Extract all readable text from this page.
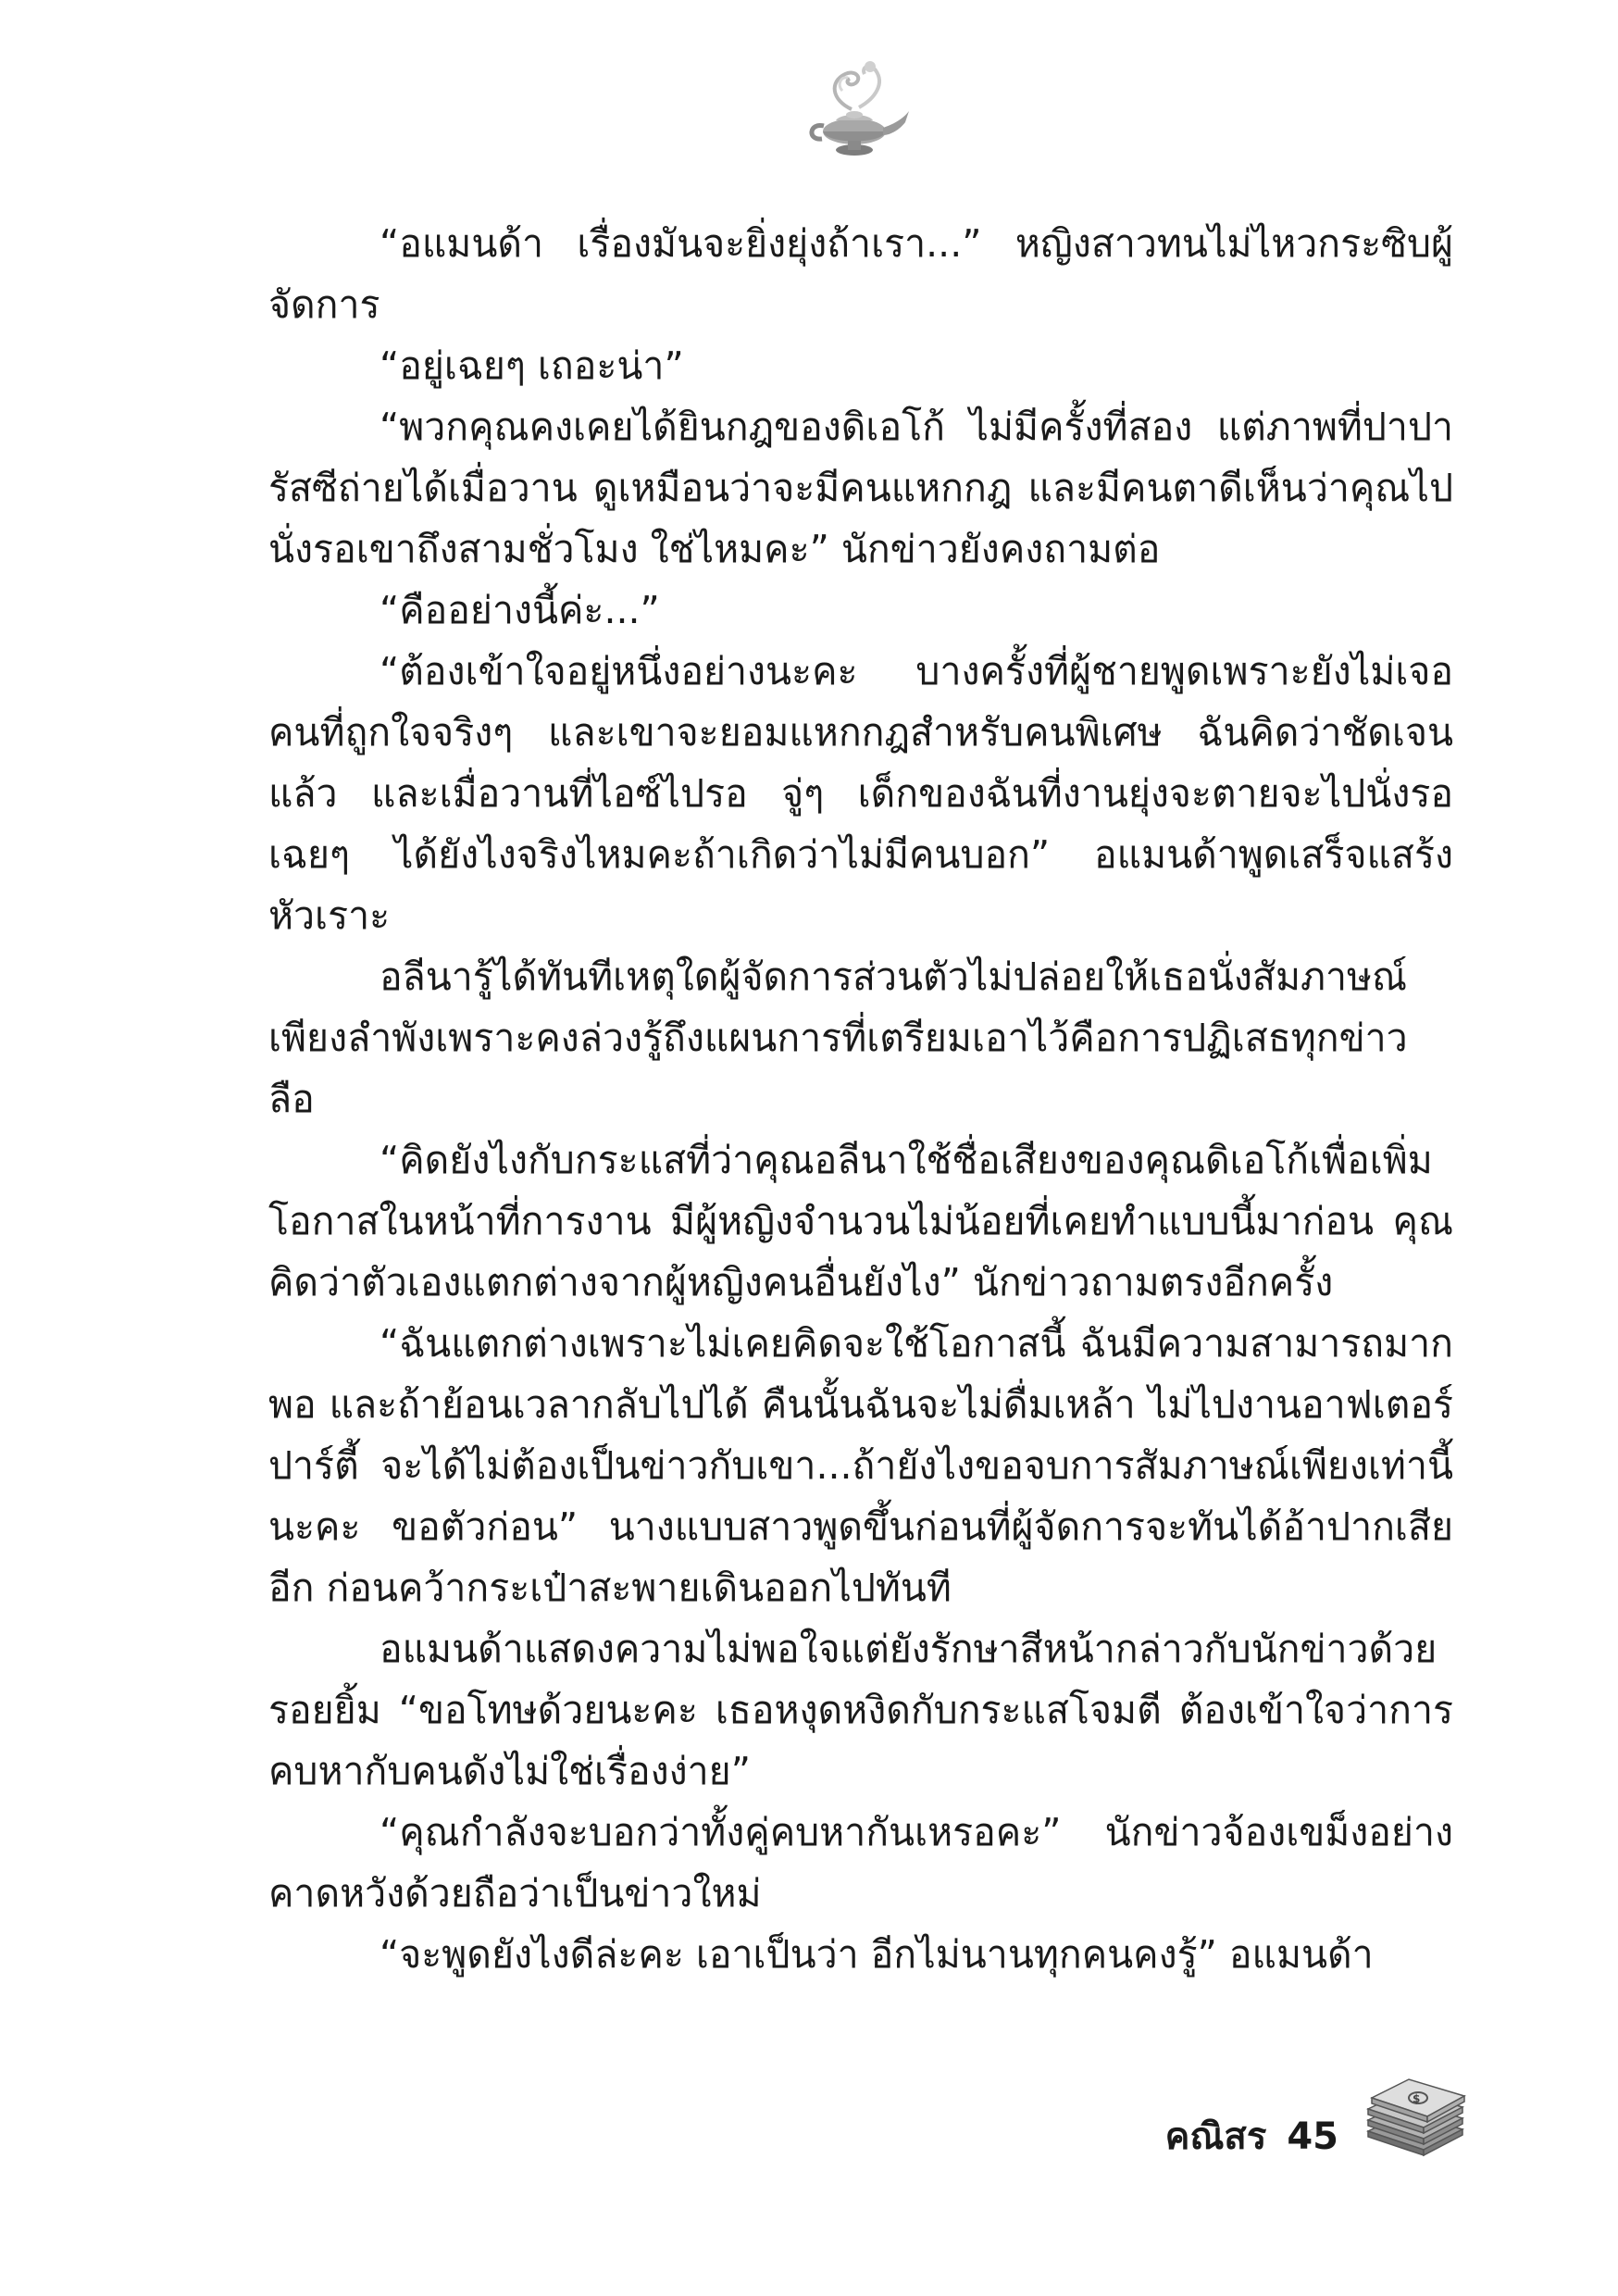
“อแมนด้า เรื่องมันจะยิ่งยุ่งถ้าเรา...” หญิงสาวทนไม่ไหวกระซิบผู้จัดการ

“อยู่เฉยๆ เถอะน่า”

“พวกคุณคงเคยได้ยินกฎของดิเอโก้ ไม่มีครั้งที่สอง แต่ภาพที่ปาปารัสซีถ่ายได้เมื่อวาน ดูเหมือนว่าจะมีคนแหกกฎ และมีคนตาดีเห็นว่าคุณไปนั่งรอเขาถึงสามชั่วโมง ใช่ไหมคะ” นักข่าวยังคงถามต่อ

“คืออย่างนี้ค่ะ...”

“ต้องเข้าใจอยู่หนึ่งอย่างนะคะ บางครั้งที่ผู้ชายพูดเพราะยังไม่เจอคนที่ถูกใจจริงๆ และเขาจะยอมแหกกฎสำหรับคนพิเศษ ฉันคิดว่าชัดเจนแล้ว และเมื่อวานที่ไอซ์ไปรอ จู่ๆ เด็กของฉันที่งานยุ่งจะตายจะไปนั่งรอเฉยๆ ได้ยังไงจริงไหมคะถ้าเกิดว่าไม่มีคนบอก” อแมนด้าพูดเสร็จแสร้งหัวเราะ

อลีนารู้ได้ทันทีเหตุใดผู้จัดการส่วนตัวไม่ปล่อยให้เธอนั่งสัมภาษณ์เพียงลำพังเพราะคงล่วงรู้ถึงแผนการที่เตรียมเอาไว้คือการปฏิเสธทุกข่าวลือ

“คิดยังไงกับกระแสที่ว่าคุณอลีนาใช้ชื่อเสียงของคุณดิเอโก้เพื่อเพิ่มโอกาสในหน้าที่การงาน มีผู้หญิงจำนวนไม่น้อยที่เคยทำแบบนี้มาก่อน คุณคิดว่าตัวเองแตกต่างจากผู้หญิงคนอื่นยังไง” นักข่าวถามตรงอีกครั้ง

“ฉันแตกต่างเพราะไม่เคยคิดจะใช้โอกาสนี้ ฉันมีความสามารถมากพอ และถ้าย้อนเวลากลับไปได้ คืนนั้นฉันจะไม่ดื่มเหล้า ไม่ไปงานอาฟเตอร์ปาร์ตี้ จะได้ไม่ต้องเป็นข่าวกับเขา...ถ้ายังไงขอจบการสัมภาษณ์เพียงเท่านี้นะคะ ขอตัวก่อน” นางแบบสาวพูดขึ้นก่อนที่ผู้จัดการจะทันได้อ้าปากเสียอีก ก่อนคว้ากระเป๋าสะพายเดินออกไปทันที

อแมนด้าแสดงความไม่พอใจแต่ยังรักษาสีหน้ากล่าวกับนักข่าวด้วยรอยยิ้ม “ขอโทษด้วยนะคะ เธอหงุดหงิดกับกระแสโจมตี ต้องเข้าใจว่าการคบหากับคนดังไม่ใช่เรื่องง่าย”

“คุณกำลังจะบอกว่าทั้งคู่คบหากันเหรอคะ” นักข่าวจ้องเขม็งอย่างคาดหวังด้วยถือว่าเป็นข่าวใหม่

“จะพูดยังไงดีล่ะคะ เอาเป็นว่า อีกไม่นานทุกคนคงรู้” อแมนด้า

คณิสร 45
$
